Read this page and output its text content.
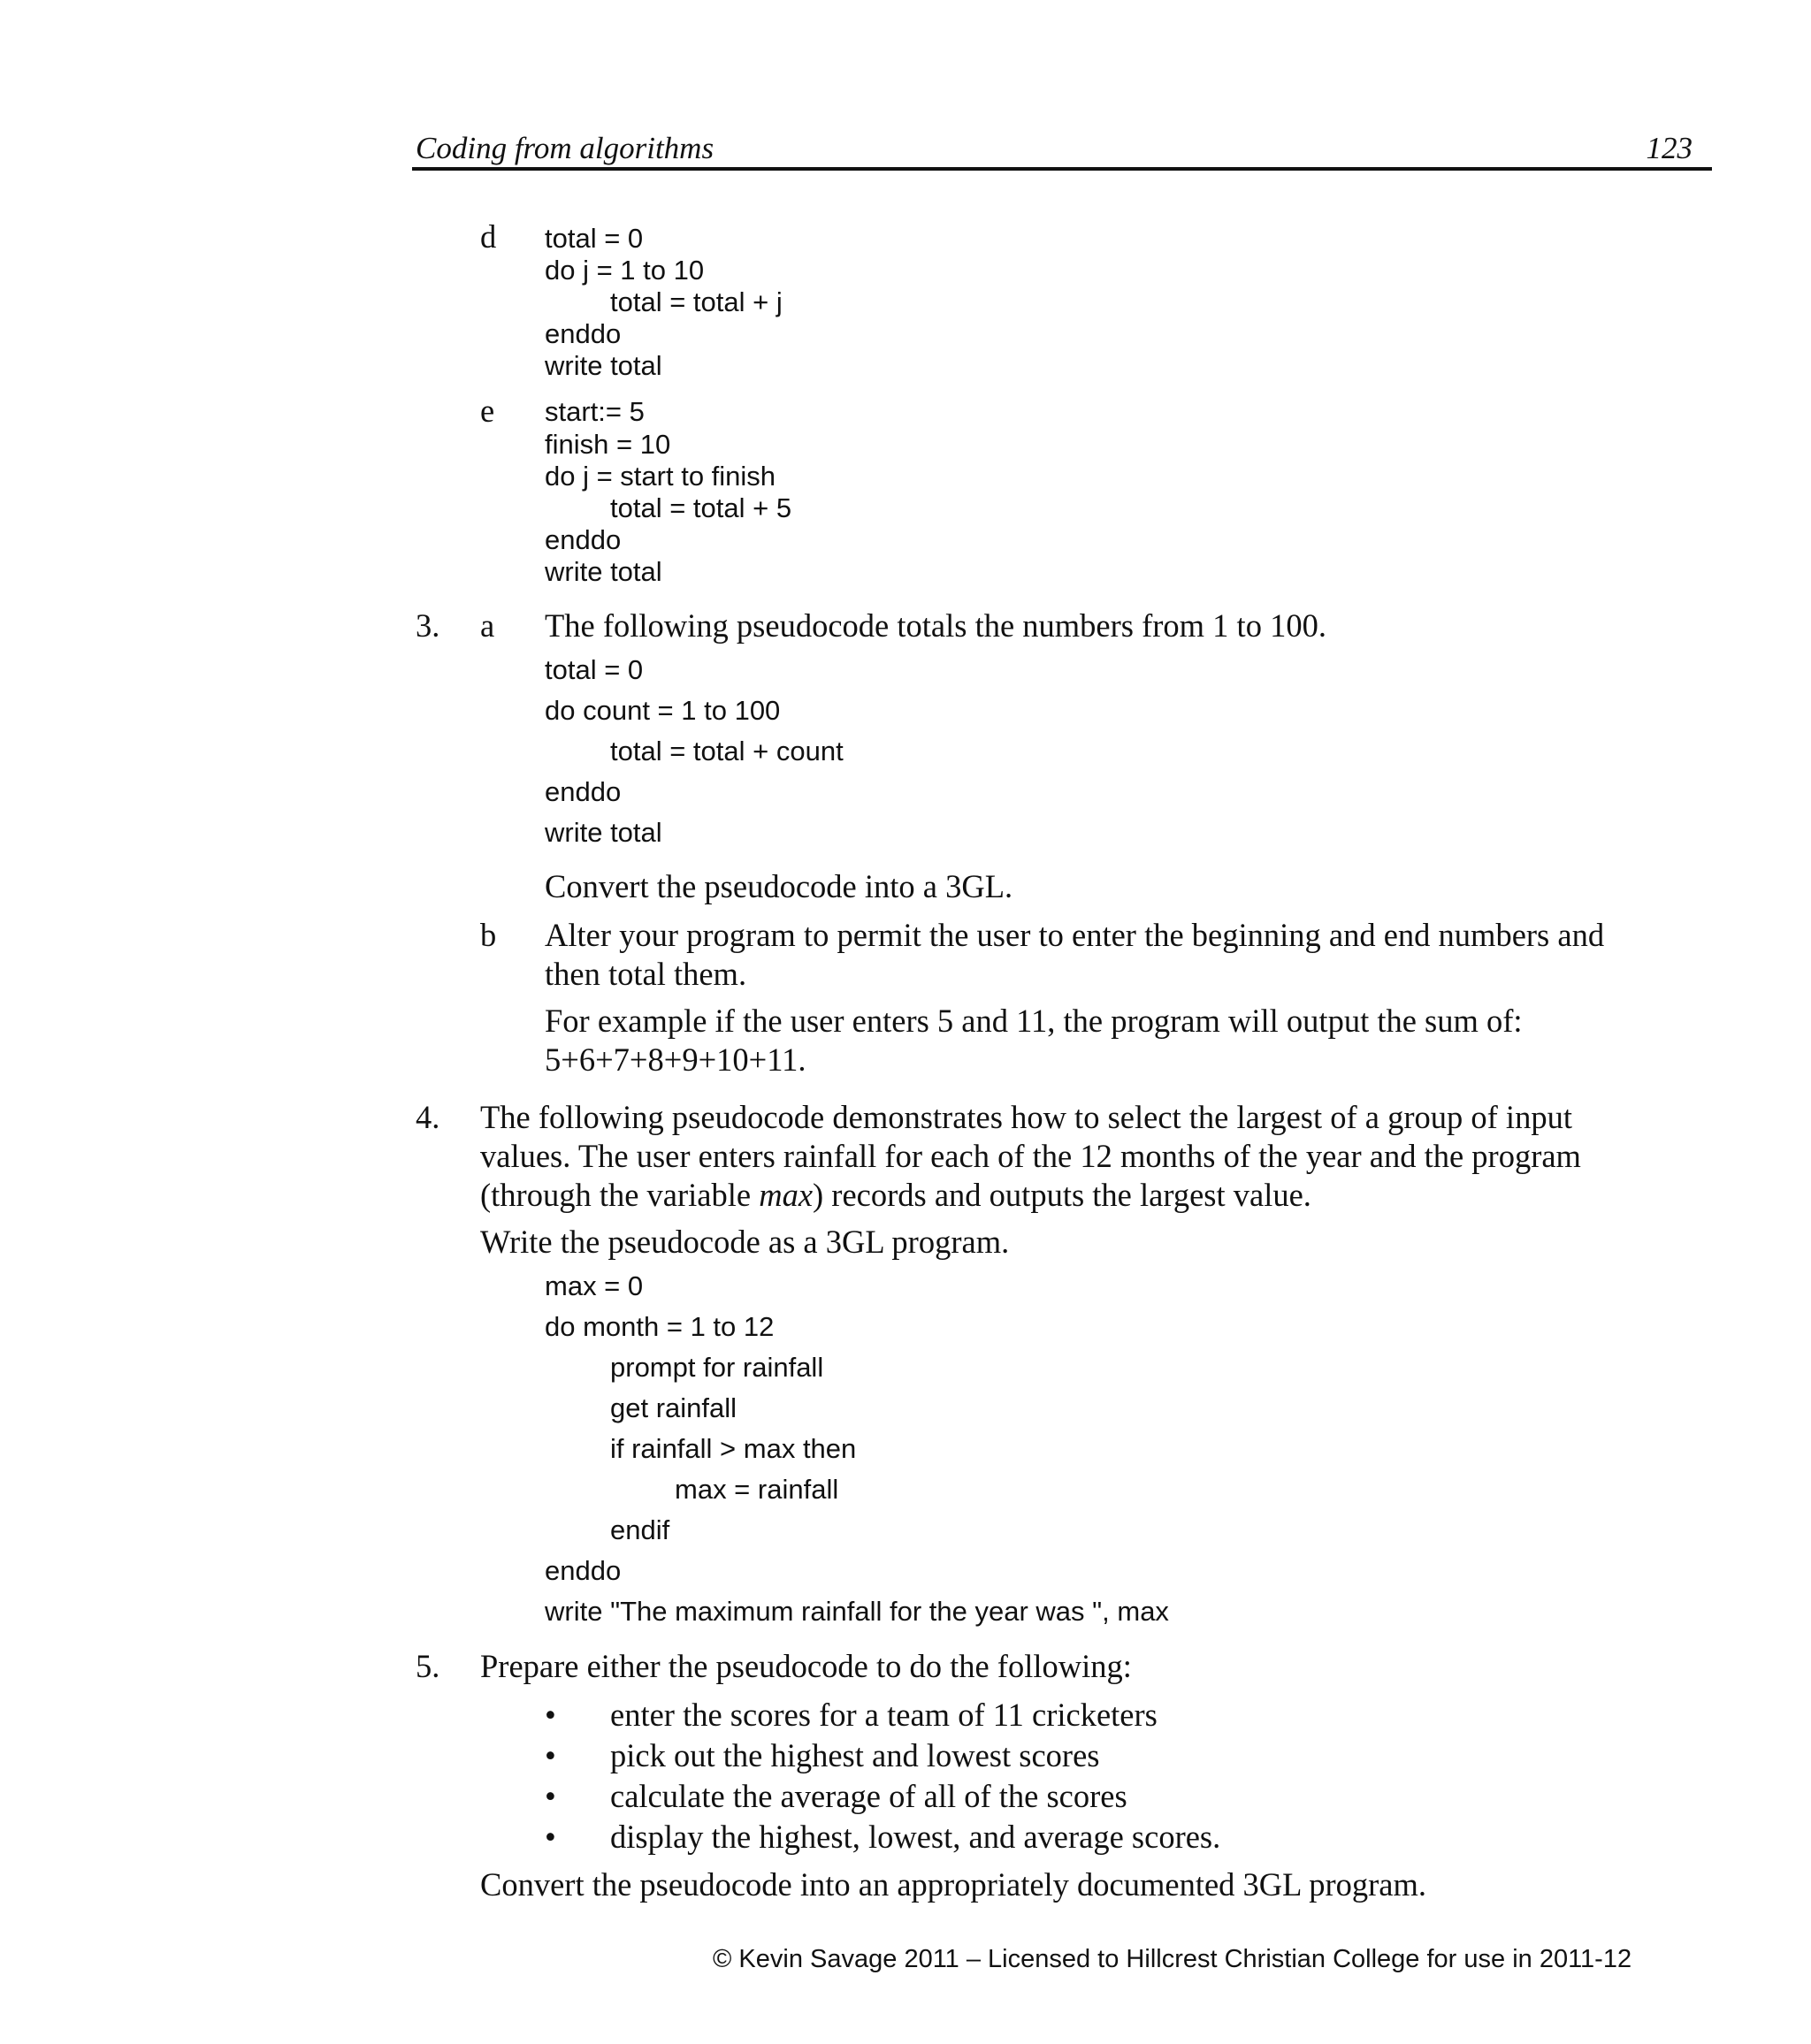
Coding from algorithms	123
d total = 0
do j = 1 to 10
total = total + j
enddo
write total
e start:= 5
finish = 10
do j = start to finish
total = total + 5
enddo
write total
3. a The following pseudocode totals the numbers from 1 to 100.
total = 0
do count = 1 to 100
total = total + count
enddo
write total
Convert the pseudocode into a 3GL.
b Alter your program to permit the user to enter the beginning and end numbers and
then total them.
For example if the user enters 5 and 11, the program will output the sum of:
5+6+7+8+9+10+11.
4. The following pseudocode demonstrates how to select the largest of a group of input
values. The user enters rainfall for each of the 12 months of the year and the program
(through the variable max) records and outputs the largest value.
Write the pseudocode as a 3GL program.
max = 0
do month = 1 to 12
prompt for rainfall
get rainfall
if rainfall > max then
max = rainfall
endif
enddo
write "The maximum rainfall for the year was ", max
5. Prepare either the pseudocode to do the following:
• enter the scores for a team of 11 cricketers
• pick out the highest and lowest scores
• calculate the average of all of the scores
• display the highest, lowest, and average scores.
Convert the pseudocode into an appropriately documented 3GL program.
© Kevin Savage 2011 – Licensed to Hillcrest Christian College for use in 2011-12
